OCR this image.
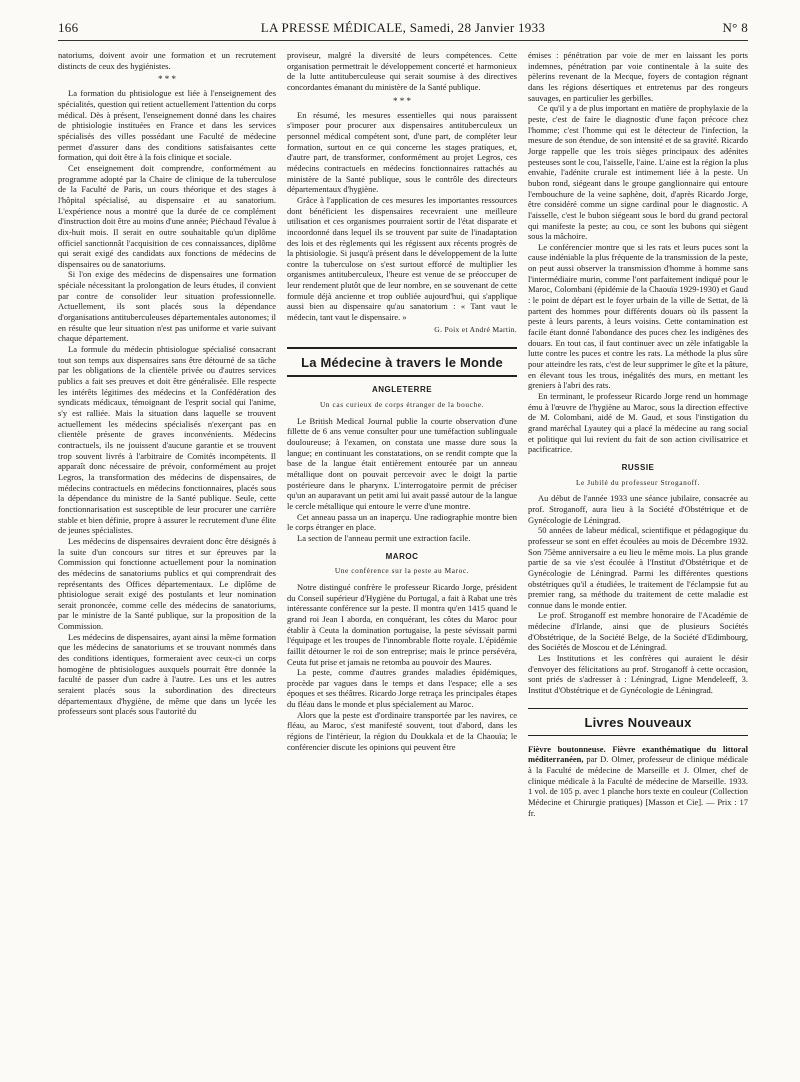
166	LA PRESSE MÉDICALE, Samedi, 28 Janvier 1933	N° 8

natoriums, doivent avoir une formation et un recrutement distincts de ceux des hygiénistes.

* * *

La formation du phtisiologue est liée à l'enseignement des spécialités, question qui retient actuellement l'attention du corps médical. Dès à présent, l'enseignement donné dans les chaires de phtisiologie instituées en France et dans les services spécialisés des villes possédant une Faculté de médecine permet d'assurer dans des conditions satisfaisantes cette formation, qui doit être à la fois clinique et sociale.

Cet enseignement doit comprendre, conformément au programme adopté par la Chaire de clinique de la tuberculose de la Faculté de Paris, un cours théorique et des stages à l'hôpital spécialisé, au dispensaire et au sanatorium. L'expérience nous a montré que la durée de ce complément d'instruction doit être au moins d'une année; Piéchaud l'évalue à dix-huit mois. Il serait en outre souhaitable qu'un diplôme officiel sanctionnât l'acquisition de ces connaissances, diplôme qui serait exigé des candidats aux fonctions de médecins de dispensaires ou de sanatoriums.

Si l'on exige des médecins de dispensaires une formation spéciale nécessitant la prolongation de leurs études, il convient par contre de consolider leur situation professionnelle. Actuellement, ils sont placés sous la dépendance d'organisations antituberculeuses départementales autonomes; il en résulte que leur situation n'est pas uniforme et varie suivant chaque département.

La formule du médecin phtisiologue spécialisé consacrant tout son temps aux dispensaires sans être détourné de sa tâche par les obligations de la clientèle privée ou d'autres services publics a fait ses preuves et doit être généralisée. Elle respecte les intérêts légitimes des médecins et la Confédération des syndicats médicaux, témoignant de l'esprit social qui l'anime, s'y est ralliée. Mais la situation dans laquelle se trouvent actuellement les médecins spécialisés n'exerçant pas en clientèle présente de graves inconvénients. Médecins contractuels, ils ne jouissent d'aucune garantie et se trouvent trop souvent livrés à l'arbitraire de Comités incompétents. Il apparaît donc nécessaire de prévoir, conformément au projet Legros, la transformation des médecins de dispensaires, de médecins contractuels en médecins fonctionnaires, placés sous la dépendance du ministre de la Santé publique. Seule, cette fonctionnarisation est susceptible de leur procurer une carrière stable et bien définie, propre à assurer le recrutement d'une élite de jeunes spécialistes.

Les médecins de dispensaires devraient donc être désignés à la suite d'un concours sur titres et sur épreuves par la Commission qui fonctionne actuellement pour la nomination des médecins de sanatoriums publics et qui comprendrait des représentants des Offices départementaux. Le diplôme de phtisiologue serait exigé des postulants et leur nomination serait prononcée, comme celle des médecins de sanatoriums, par le ministre de la Santé publique, sur la proposition de la Commission.

Les médecins de dispensaires, ayant ainsi la même formation que les médecins de sanatoriums et se trouvant nommés dans des conditions identiques, formeraient avec ceux-ci un corps homogène de phtisiologues auxquels pourrait être donnée la faculté de passer d'un cadre à l'autre. Les uns et les autres seraient placés sous la subordination des directeurs départementaux d'hygiène, de même que dans un lycée les professeurs sont placés sous l'autorité du

proviseur, malgré la diversité de leurs compétences. Cette organisation permettrait le développement concerté et harmonieux de la lutte antituberculeuse qui serait soumise à des directives concordantes émanant du ministère de la Santé publique.

* * *

En résumé, les mesures essentielles qui nous paraissent s'imposer pour procurer aux dispensaires antituberculeux un personnel médical compétent sont, d'une part, de compléter leur formation, surtout en ce qui concerne les stages pratiques, et, d'autre part, de transformer, conformément au projet Legros, ces médecins contractuels en médecins fonctionnaires rattachés au ministère de la Santé publique, sous le contrôle des directeurs départementaux d'hygiène.

Grâce à l'application de ces mesures les importantes ressources dont bénéficient les dispensaires recevraient une meilleure utilisation et ces organismes pourraient sortir de l'état disparate et incoordonné dans lequel ils se trouvent par suite de l'inadaptation des lois et des règlements qui les régissent aux récents progrès de la phtisiologie. Si jusqu'à présent dans le développement de la lutte contre la tuberculose on s'est surtout efforcé de multiplier les organismes antituberculeux, l'heure est venue de se préoccuper de leur rendement plutôt que de leur nombre, en se souvenant de cette formule déjà ancienne et trop oubliée aujourd'hui, qui s'applique aussi bien au dispensaire qu'au sanatorium : « Tant vaut le médecin, tant vaut le dispensaire. »

G. Poix et André Martin.
La Médecine à travers le Monde
ANGLETERRE
Un cas curieux de corps étranger de la bouche.

Le British Medical Journal publie la courte observation d'une fillette de 6 ans venue consulter pour une tuméfaction sublinguale douloureuse; à l'examen, on constata une masse dure sous la langue; en continuant les constatations, on se rendit compte que la base de la langue était entièrement entourée par un anneau métallique dont on pouvait percevoir avec le doigt la partie postérieure dans le pharynx. L'interrogatoire permit de préciser qu'un an auparavant un petit ami lui avait passé autour de la langue le cercle métallique qui entoure le verre d'une montre.

Cet anneau passa un an inaperçu. Une radiographie montre bien le corps étranger en place.

La section de l'anneau permit une extraction facile.

MAROC
Une conférence sur la peste au Maroc.

Notre distingué confrère le professeur Ricardo Jorge, président du Conseil supérieur d'Hygiène du Portugal, a fait à Rabat une très intéressante conférence sur la peste. Il montra qu'en 1415 quand le grand roi Jean I aborda, en conquérant, les côtes du Maroc pour établir à Ceuta la domination portugaise, la peste sévissait parmi l'équipage et les troupes de l'innombrable flotte royale. L'épidémie faillit détourner le roi de son entreprise; mais le prince persévéra, Ceuta fut prise et jamais ne retomba au pouvoir des Maures.

La peste, comme d'autres grandes maladies épidémiques, procède par vagues dans le temps et dans l'espace; elle a ses époques et ses théâtres. Ricardo Jorge retraça les principales étapes du fléau dans le monde et plus spécialement au Maroc.

Alors que la peste est d'ordinaire transportée par les navires, ce fléau, au Maroc, s'est manifesté souvent, tout d'abord, dans les régions de l'intérieur, la région du Doukkala et de la Chaouïa; le conférencier discute les opinions qui peuvent être

émises : pénétration par voie de mer en laissant les ports indemnes, pénétration par voie continentale à la suite des pèlerins revenant de la Mecque, foyers de contagion régnant dans les régions désertiques et entretenus par des rongeurs sauvages, en particulier les gerbilles.

Ce qu'il y a de plus important en matière de prophylaxie de la peste, c'est de faire le diagnostic d'une façon précoce chez l'homme; c'est l'homme qui est le détecteur de l'infection, la mesure de son étendue, de son intensité et de sa gravité. Ricardo Jorge rappelle que les trois sièges principaux des adénites pesteuses sont le cou, l'aisselle, l'aine. L'aine est la région la plus envahie, l'adénite crurale est intimement liée à la peste. Un bubon rond, siégeant dans le groupe ganglionnaire qui entoure l'embouchure de la veine saphène, doit, d'après Ricardo Jorge, être considéré comme un signe cardinal pour le diagnostic. A l'aisselle, c'est le bubon siégeant sous le bord du grand pectoral qui manifeste la peste; au cou, ce sont les bubons qui siègent sous la mâchoire.

Le conférencier montre que si les rats et leurs puces sont la cause indéniable la plus fréquente de la transmission de la peste, on peut aussi observer la transmission d'homme à homme sans l'intermédiaire murin, comme l'ont parfaitement indiqué pour le Maroc, Colombani (épidémie de la Chaouïa 1929-1930) et Gaud : le point de départ est le foyer urbain de la ville de Settat, de là partent des hommes pour différents douars où ils passent la peste à leurs parents, à leurs voisins. Cette contamination est facile étant donné l'abondance des puces chez les indigènes des douars. En tout cas, il faut continuer avec un zèle infatigable la lutte contre les puces et contre les rats. La méthode la plus sûre pour atteindre les rats, c'est de leur supprimer le gîte et la pâture, en élevant tous les trous, inégalités des murs, en mettant les greniers à l'abri des rats.

En terminant, le professeur Ricardo Jorge rend un hommage ému à l'œuvre de l'hygiène au Maroc, sous la direction effective de M. Colombani, aidé de M. Gaud, et sous l'instigation du grand maréchal Lyautey qui a placé la médecine au rang social et politique qui lui revient du fait de son action civilisatrice et pacificatrice.

RUSSIE
Le Jubilé du professeur Stroganoff.

Au début de l'année 1933 une séance jubilaire, consacrée au prof. Stroganoff, aura lieu à la Société d'Obstétrique et de Gynécologie de Léningrad.

50 années de labeur médical, scientifique et pédagogique du professeur se sont en effet écoulées au mois de Décembre 1932. Son 75ème anniversaire a eu lieu le même mois. La plus grande partie de sa vie s'est écoulée à l'Institut d'Obstétrique et de Gynécologie de Léningrad. Parmi les différentes questions obstétriques qu'il a étudiées, le traitement de l'éclampsie fut au premier rang, sa méthode du traitement de cette maladie est connue dans le monde entier.

Le prof. Stroganoff est membre honoraire de l'Académie de médecine d'Irlande, ainsi que de plusieurs Sociétés d'Obstétrique, de la Société Belge, de la Société d'Edimbourg, des Sociétés de Moscou et de Léningrad.

Les Institutions et les confrères qui auraient le désir d'envoyer des félicitations au prof. Stroganoff à cette occasion, sont priés de s'adresser à : Léningrad, Ligne Mendeleeff, 3. Institut d'Obstétrique et de Gynécologie de Léningrad.

Livres Nouveaux

Fièvre boutonneuse. Fièvre exanthématique du littoral méditerranéen, par D. Olmer, professeur de clinique médicale à la Faculté de médecine de Marseille et J. Olmer, chef de clinique médicale à la Faculté de médecine de Marseille. 1933. 1 vol. de 105 p. avec 1 planche hors texte en couleur (Collection Médecine et Chirurgie pratiques) [Masson et Cie]. — Prix : 17 fr.
